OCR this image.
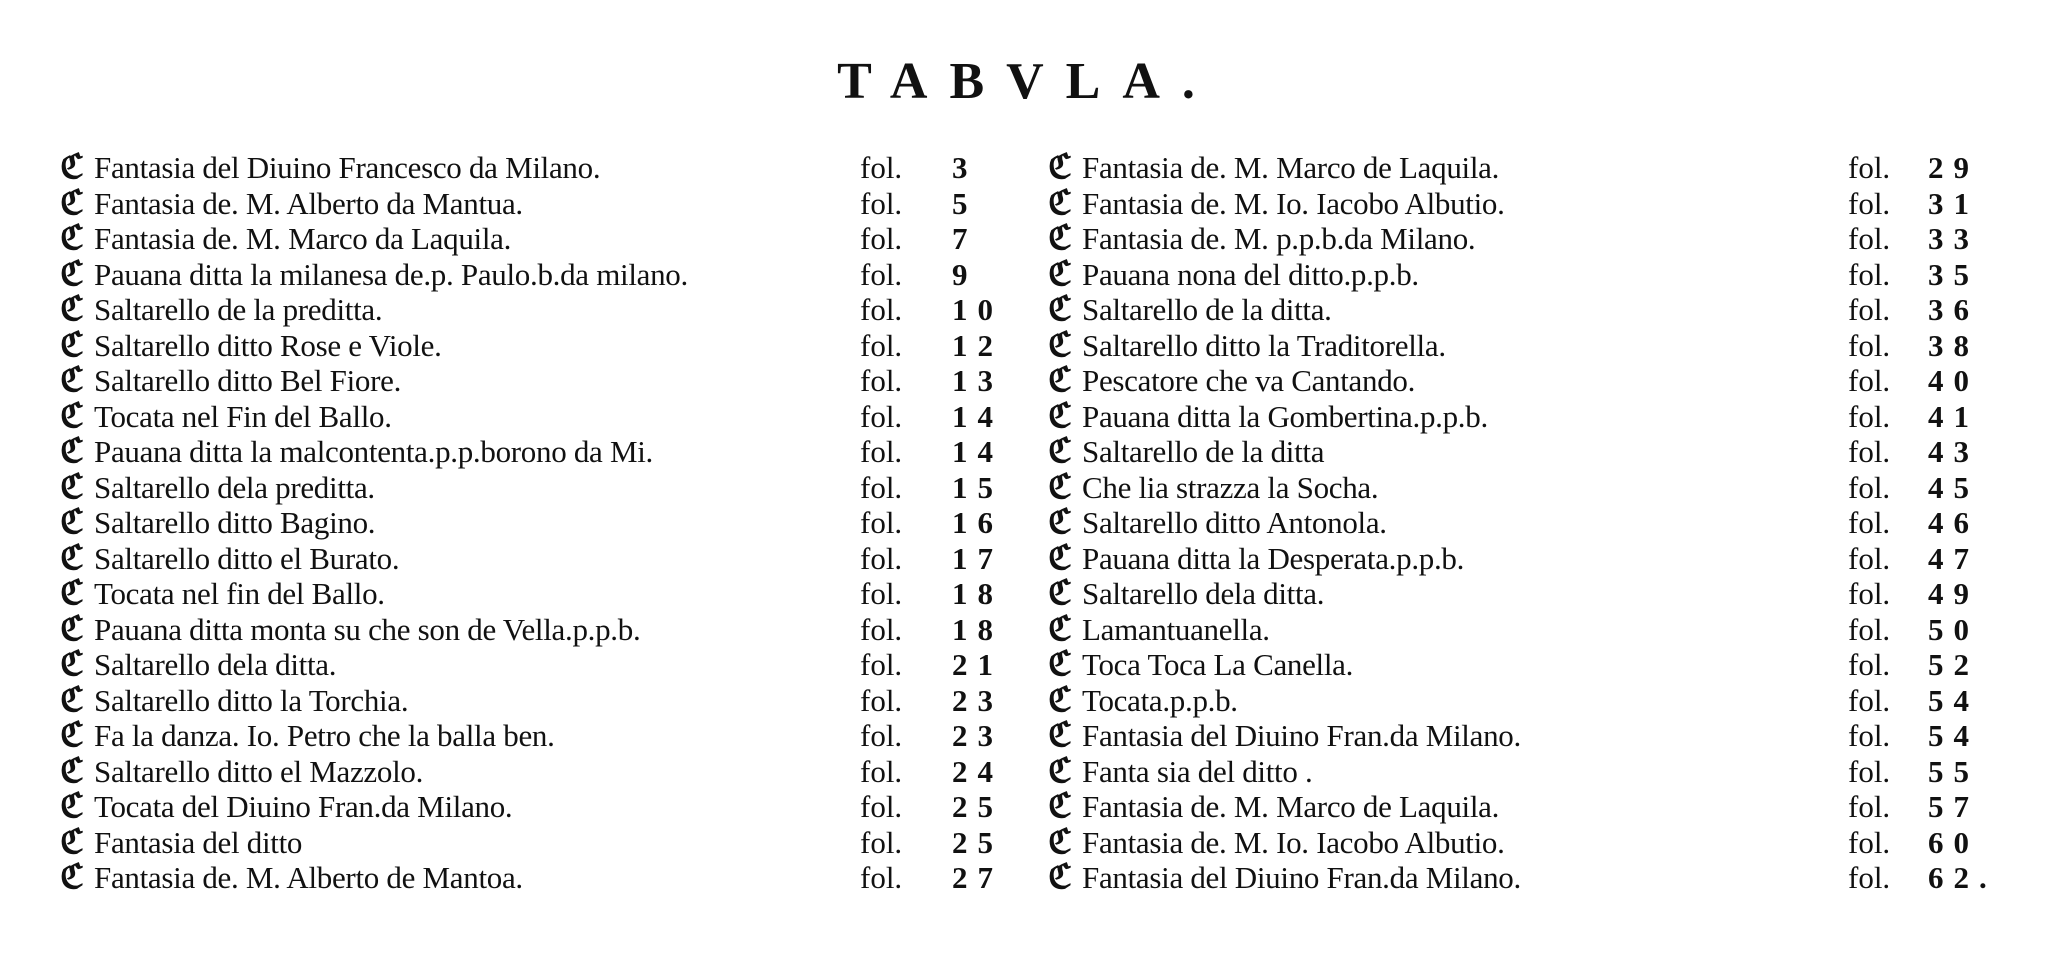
TABVLA.
ℭ Fantasia del Diuino Francesco da Milano.	fol. 3
ℭ Fantasia de. M. Alberto da Mantua.	fol. 5
ℭ Fantasia de. M. Marco da Laquila.	fol. 7
ℭ Pauana ditta la milanesa de.p. Paulo.b.da milano.	fol. 9
ℭ Saltarello de la preditta.	fol. 10
ℭ Saltarello ditto Rose e Viole.	fol. 12
ℭ Saltarello ditto Bel Fiore.	fol. 13
ℭ Tocata nel Fin del Ballo.	fol. 14
ℭ Pauana ditta la malcontenta.p.p.borono da Mi.	fol. 14
ℭ Saltarello dela preditta.	fol. 15
ℭ Saltarello ditto Bagino.	fol. 16
ℭ Saltarello ditto el Burato.	fol. 17
ℭ Tocata nel fin del Ballo.	fol. 18
ℭ Pauana ditta monta su che son de Vella.p.p.b.	fol. 18
ℭ Saltarello dela ditta.	fol. 21
ℭ Saltarello ditto la Torchia.	fol. 23
ℭ Fa la danza. Io. Petro che la balla ben.	fol. 23
ℭ Saltarello ditto el Mazzolo.	fol. 24
ℭ Tocata del Diuino Fran.da Milano.	fol. 25
ℭ Fantasia del ditto	fol. 25
ℭ Fantasia de. M. Alberto de Mantoa.	fol. 27
ℭ Fantasia de. M. Marco de Laquila.	fol. 29
ℭ Fantasia de. M. Io. Iacobo Albutio.	fol. 31
ℭ Fantasia de. M. p.p.b.da Milano.	fol. 33
ℭ Pauana nona del ditto.p.p.b.	fol. 35
ℭ Saltarello de la ditta.	fol. 36
ℭ Saltarello ditto la Traditorella.	fol. 38
ℭ Pescatore che va Cantando.	fol. 40
ℭ Pauana ditta la Gombertina.p.p.b.	fol. 41
ℭ Saltarello de la ditta	fol. 43
ℭ Che lia strazza la Socha.	fol. 45
ℭ Saltarello ditto Antonola.	fol. 46
ℭ Pauana ditta la Desperata.p.p.b.	fol. 47
ℭ Saltarello dela ditta.	fol. 49
ℭ Lamantuanella.	fol. 50
ℭ Toca Toca La Canella.	fol. 52
ℭ Tocata.p.p.b.	fol. 54
ℭ Fantasia del Diuino Fran.da Milano.	fol. 54
ℭ Fanta sia del ditto .	fol. 55
ℭ Fantasia de. M. Marco de Laquila.	fol. 57
ℭ Fantasia de. M. Io. Iacobo Albutio.	fol. 60
ℭ Fantasia del Diuino Fran.da Milano.	fol. 62.
